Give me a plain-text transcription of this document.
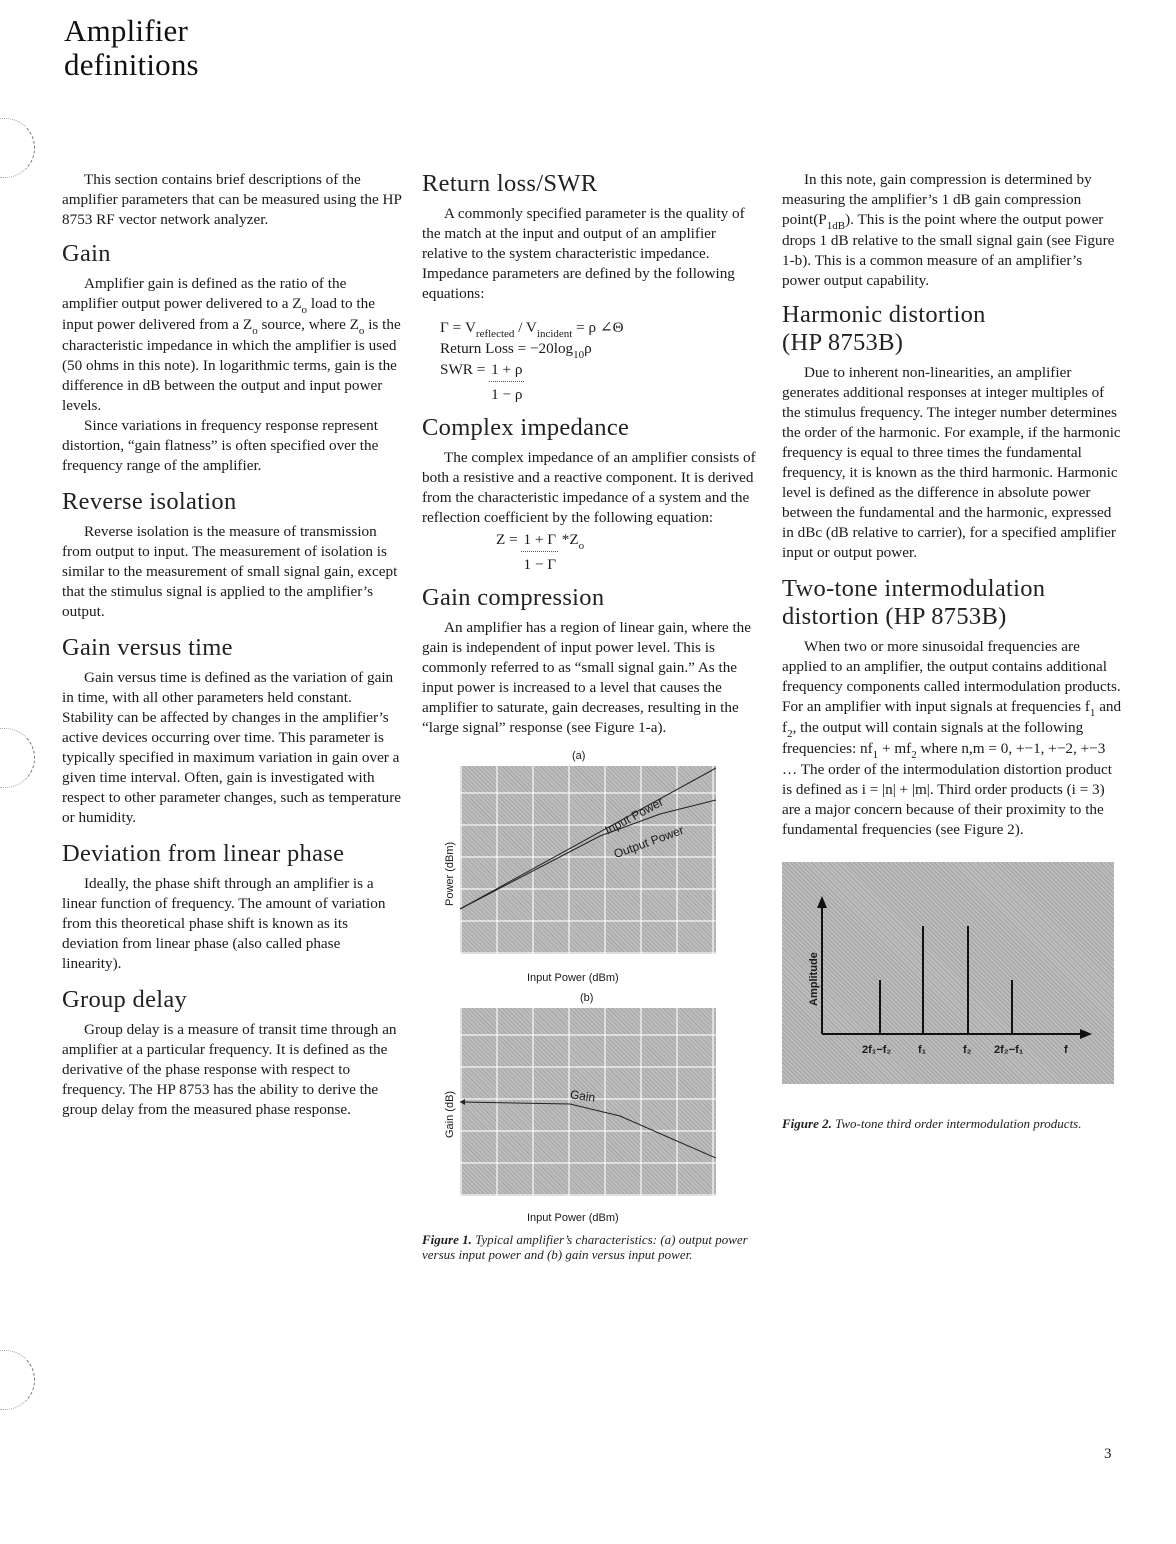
Amplifier
definitions

This section contains brief descriptions of the amplifier parameters that can be measured using the HP 8753 RF vector network analyzer.

Gain

Amplifier gain is defined as the ratio of the amplifier output power delivered to a $Z_o$ load to the input power delivered from a $Z_o$ source, where $Z_o$ is the characteristic impedance in which the amplifier is used (50 ohms in this note). In logarithmic terms, gain is the difference in dB between the output and input power levels.

Since variations in frequency response represent distortion, “gain flatness” is often specified over the frequency range of the amplifier.

Reverse isolation

Reverse isolation is the measure of transmission from output to input. The measurement of isolation is similar to the measurement of small signal gain, except that the stimulus signal is applied to the amplifier’s output.

Gain versus time

Gain versus time is defined as the variation of gain in time, with all other parameters held constant. Stability can be affected by changes in the amplifier’s active devices occurring over time. This parameter is typically specified in maximum variation in gain over a given time interval. Often, gain is investigated with respect to other parameter changes, such as temperature or humidity.

Deviation from linear phase

Ideally, the phase shift through an amplifier is a linear function of frequency. The amount of variation from this theoretical phase shift is known as its deviation from linear phase (also called phase linearity).

Group delay

Group delay is a measure of transit time through an amplifier at a particular frequency. It is defined as the derivative of the phase response with respect to frequency. The HP 8753 has the ability to derive the group delay from the measured phase response.

Return loss/SWR

A commonly specified parameter is the quality of the match at the input and output of an amplifier relative to the system characteristic impedance. Impedance parameters are defined by the following equations:

$\Gamma = V_{reflected} / V_{incident} = \rho$ ∠Θ
Return Loss = $-20\log_{10}\rho$
SWR = $\frac{1 + \rho}{1 - \rho}$
Complex impedance

The complex impedance of an amplifier consists of both a resistive and a reactive component. It is derived from the characteristic impedance of a system and the reflection coefficient by the following equation:

$Z = \frac{1 + \Gamma}{1 - \Gamma} *Z_o$
Gain compression

An amplifier has a region of linear gain, where the gain is independent of input power level. This is commonly referred to as “small signal gain.” As the input power is increased to a level that causes the amplifier to saturate, gain decreases, resulting in the “large signal” response (see Figure 1-a).

(a)
Input Power
Output Power
Power (dBm)
Input Power (dBm)
(b)
Gain
Gain (dB)
Input Power (dBm)
Figure 1. Typical amplifier’s characteristics: (a) output power versus input power and (b) gain versus input power.

In this note, gain compression is determined by measuring the amplifier’s 1 dB gain compression $point(P_{1dB})$. This is the point where the output power drops 1 dB relative to the small signal gain (see Figure 1-b). This is a common measure of an amplifier’s power output capability.

Harmonic distortion
(HP 8753B)

Due to inherent non-linearities, an amplifier generates additional responses at integer multiples of the stimulus frequency. The integer number determines the order of the harmonic. For example, if the harmonic frequency is equal to three times the fundamental frequency, it is known as the third harmonic. Harmonic level is defined as the difference in absolute power between the fundamental and the harmonic, expressed in dBc (dB relative to carrier), for a specified amplifier input or output power.

Two-tone intermodulation
distortion (HP 8753B)

When two or more sinusoidal frequencies are applied to an amplifier, the output contains additional frequency components called intermodulation products. For an amplifier with input signals at frequencies $f_1$ and $f_2$, the output will contain signals at the following frequencies: $nf_1 + mf_2$ where n,m = 0, +−1, +−2, +−3 … The order of the intermodulation distortion product is defined as i = |n| + |m|. Third order products (i = 3) are a major concern because of their proximity to the fundamental frequencies (see Figure 2).

Amplitude
2f₁−f₂ f₁	f₂ 2f₂−f₁	f
Figure 2. Two-tone third order intermodulation products.
3
